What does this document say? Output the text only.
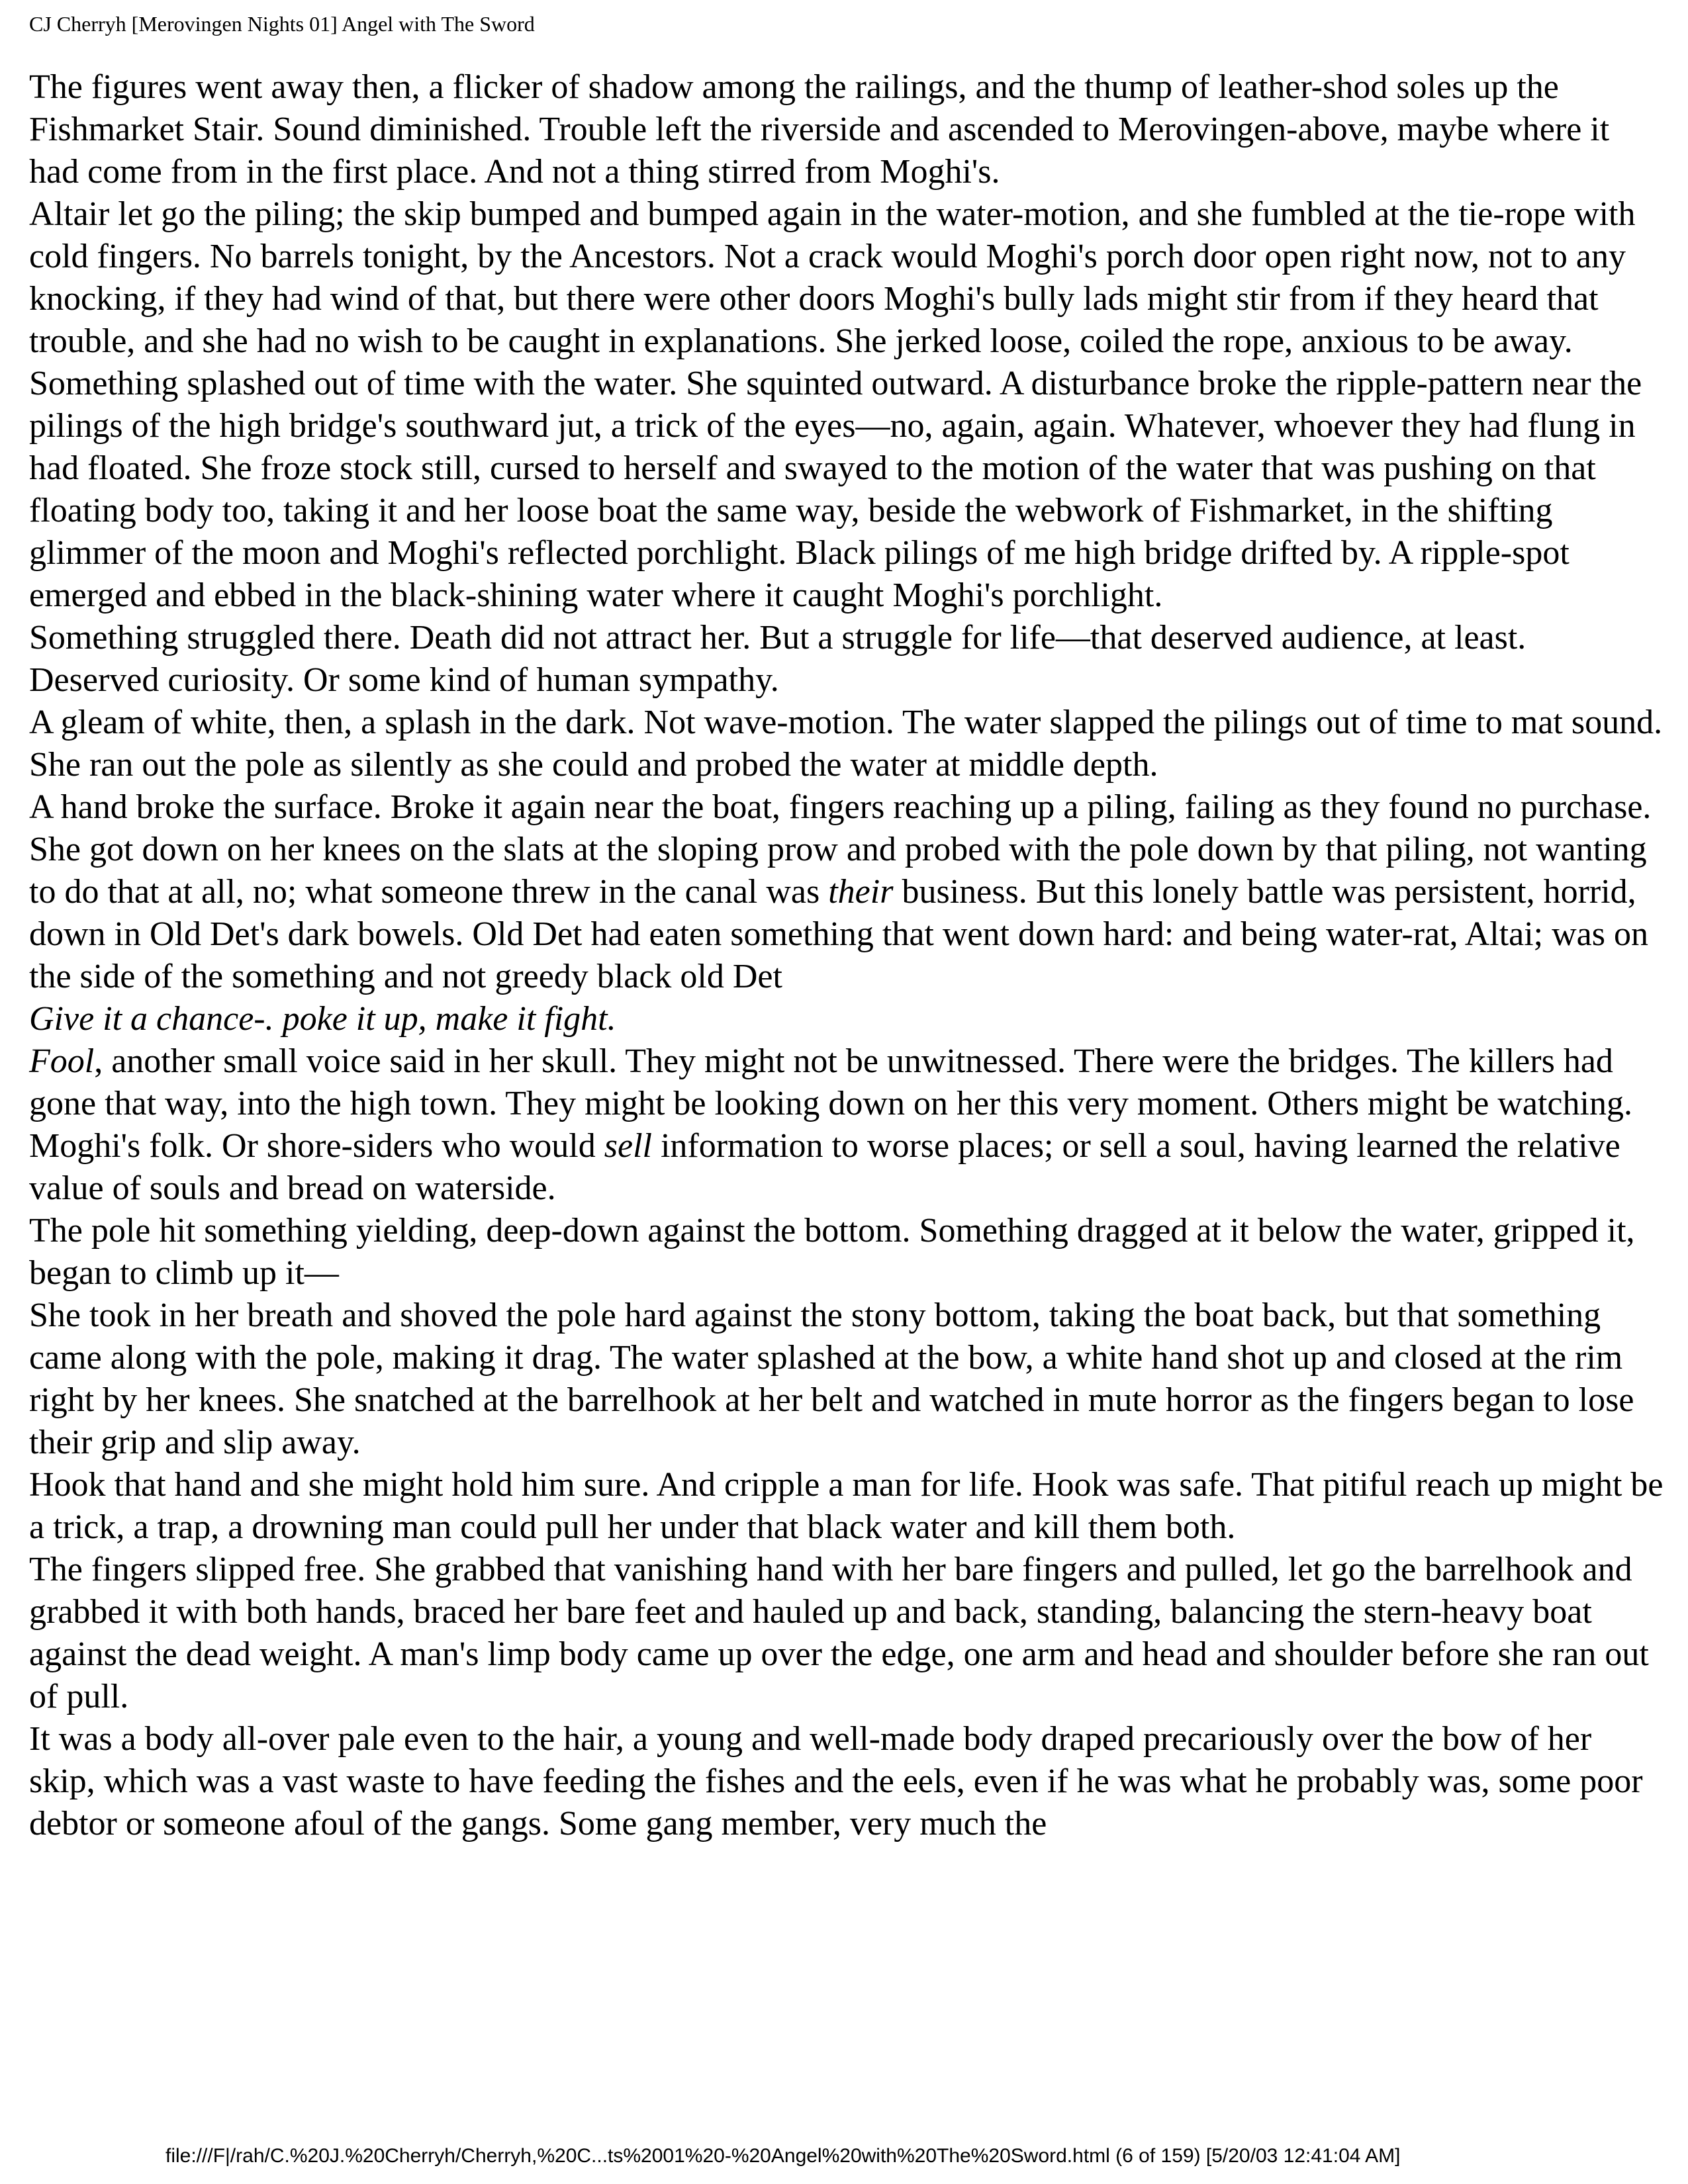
CJ Cherryh [Merovingen Nights 01] Angel with The Sword

The figures went away then, a flicker of shadow among the railings, and the thump of leather-shod soles up the Fishmarket Stair. Sound diminished. Trouble left the riverside and ascended to Merovingen-above, maybe where it had come from in the first place. And not a thing stirred from Moghi's.

Altair let go the piling; the skip bumped and bumped again in the water-motion, and she fumbled at the tie-rope with cold fingers. No barrels tonight, by the Ancestors. Not a crack would Moghi's porch door open right now, not to any knocking, if they had wind of that, but there were other doors Moghi's bully lads might stir from if they heard that trouble, and she had no wish to be caught in explanations. She jerked loose, coiled the rope, anxious to be away.

Something splashed out of time with the water. She squinted outward. A disturbance broke the ripple-pattern near the pilings of the high bridge's southward jut, a trick of the eyes—no, again, again. Whatever, whoever they had flung in had floated. She froze stock still, cursed to herself and swayed to the motion of the water that was pushing on that floating body too, taking it and her loose boat the same way, beside the webwork of Fishmarket, in the shifting glimmer of the moon and Moghi's reflected porchlight. Black pilings of me high bridge drifted by. A ripple-spot emerged and ebbed in the black-shining water where it caught Moghi's porchlight.

Something struggled there. Death did not attract her. But a struggle for life—that deserved audience, at least. Deserved curiosity. Or some kind of human sympathy.

A gleam of white, then, a splash in the dark. Not wave-motion. The water slapped the pilings out of time to mat sound. She ran out the pole as silently as she could and probed the water at middle depth.

A hand broke the surface. Broke it again near the boat, fingers reaching up a piling, failing as they found no purchase.

She got down on her knees on the slats at the sloping prow and probed with the pole down by that piling, not wanting to do that at all, no; what someone threw in the canal was their business. But this lonely battle was persistent, horrid, down in Old Det's dark bowels. Old Det had eaten something that went down hard: and being water-rat, Altai; was on the side of the something and not greedy black old Det

Give it a chance-. poke it up, make it fight.

Fool, another small voice said in her skull. They might not be unwitnessed. There were the bridges. The killers had gone that way, into the high town. They might be looking down on her this very moment. Others might be watching. Moghi's folk. Or shore-siders who would sell information to worse places; or sell a soul, having learned the relative value of souls and bread on waterside.

The pole hit something yielding, deep-down against the bottom. Something dragged at it below the water, gripped it, began to climb up it—

She took in her breath and shoved the pole hard against the stony bottom, taking the boat back, but that something came along with the pole, making it drag. The water splashed at the bow, a white hand shot up and closed at the rim right by her knees. She snatched at the barrelhook at her belt and watched in mute horror as the fingers began to lose their grip and slip away.

Hook that hand and she might hold him sure. And cripple a man for life. Hook was safe. That pitiful reach up might be a trick, a trap, a drowning man could pull her under that black water and kill them both.

The fingers slipped free. She grabbed that vanishing hand with her bare fingers and pulled, let go the barrelhook and grabbed it with both hands, braced her bare feet and hauled up and back, standing, balancing the stern-heavy boat against the dead weight. A man's limp body came up over the edge, one arm and head and shoulder before she ran out of pull.

It was a body all-over pale even to the hair, a young and well-made body draped precariously over the bow of her skip, which was a vast waste to have feeding the fishes and the eels, even if he was what he probably was, some poor debtor or someone afoul of the gangs. Some gang member, very much the

file:///F|/rah/C.%20J.%20Cherryh/Cherryh,%20C...ts%2001%20-%20Angel%20with%20The%20Sword.html (6 of 159) [5/20/03 12:41:04 AM]
